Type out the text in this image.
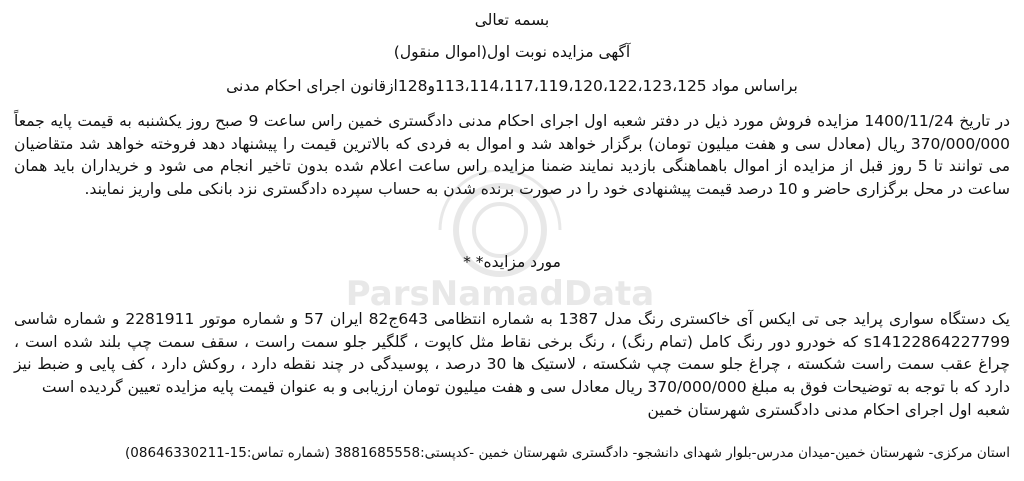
ParsNamadData
بسمه تعالی
آگهی مزایده نوبت اول(اموال منقول)
براساس مواد 113،114،117،119،120،122،123،125و128ازقانون اجرای احکام مدنی
در تاریخ 1400/11/24 مزایده فروش مورد ذیل در دفتر شعبه اول اجرای احکام مدنی دادگستری خمین راس ساعت 9 صبح روز یکشنبه به قیمت پایه جمعاً 370/000/000 ریال (معادل سی و هفت میلیون تومان) برگزار خواهد شد و اموال به فردی که بالاترین قیمت را پیشنهاد دهد فروخته خواهد شد متقاضیان می توانند تا 5 روز قبل از مزایده از اموال باهماهنگی بازدید نمایند ضمنا مزایده راس ساعت اعلام شده بدون تاخیر انجام می شود و خریداران باید همان ساعت در محل برگزاری حاضر و 10 درصد قیمت پیشنهادی خود را در صورت برنده شدن به حساب سپرده دادگستری نزد بانکی ملی واریز نمایند.
مورد مزایده* *
یک دستگاه سواری پراید جی تی ایکس آی خاکستری رنگ مدل 1387 به شماره انتظامی 643ج82 ایران 57 و شماره موتور 2281911 و شماره شاسی s14122864227799 که خودرو دور رنگ کامل (تمام رنگ) ، رنگ برخی نقاط مثل کاپوت ، گلگیر جلو سمت راست ، سقف سمت چپ بلند شده است ، چراغ عقب سمت راست شکسته ، چراغ جلو سمت چپ شکسته ، لاستیک ها 30 درصد ، پوسیدگی در چند نقطه دارد ، روکش دارد ، کف پایی و ضبط نیز دارد که با توجه به توضیحات فوق به مبلغ 370/000/000 ریال معادل سی و هفت میلیون تومان ارزیابی و به عنوان قیمت پایه مزایده تعیین گردیده است
شعبه اول اجرای احکام مدنی دادگستری شهرستان خمین
استان مرکزی- شهرستان خمین-میدان مدرس-بلوار شهدای دانشجو- دادگستری شهرستان خمین -کدپستی:3881685558 (شماره تماس:15-08646330211)
